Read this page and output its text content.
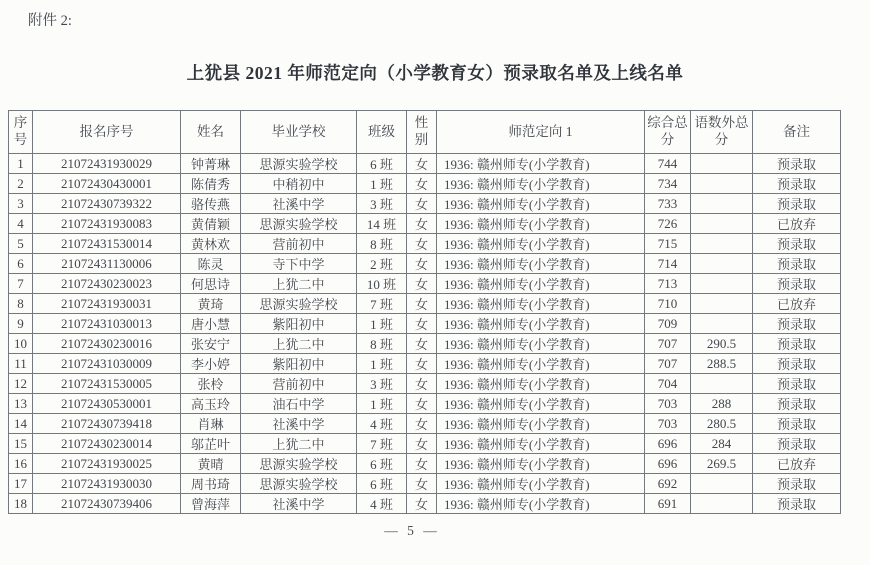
附件 2:
上犹县 2021 年师范定向（小学教育女）预录取名单及上线名单
序号	报名序号	姓名	毕业学校	班级	性别	师范定向 1	综合总分	语数外总分	备注
1	21072431930029	钟菁琳	思源实验学校	6 班	女	1936: 赣州师专(小学教育)	744		预录取
2	21072430430001	陈倩秀	中稍初中	1 班	女	1936: 赣州师专(小学教育)	734		预录取
3	21072430739322	骆传燕	社溪中学	3 班	女	1936: 赣州师专(小学教育)	733		预录取
4	21072431930083	黄倩颖	思源实验学校	14 班	女	1936: 赣州师专(小学教育)	726		已放弃
5	21072431530014	黄林欢	营前初中	8 班	女	1936: 赣州师专(小学教育)	715		预录取
6	21072431130006	陈灵	寺下中学	2 班	女	1936: 赣州师专(小学教育)	714		预录取
7	21072430230023	何思诗	上犹二中	10 班	女	1936: 赣州师专(小学教育)	713		预录取
8	21072431930031	黄琦	思源实验学校	7 班	女	1936: 赣州师专(小学教育)	710		已放弃
9	21072431030013	唐小慧	紫阳初中	1 班	女	1936: 赣州师专(小学教育)	709		预录取
10	21072430230016	张安宁	上犹二中	8 班	女	1936: 赣州师专(小学教育)	707	290.5	预录取
11	21072431030009	李小婷	紫阳初中	1 班	女	1936: 赣州师专(小学教育)	707	288.5	预录取
12	21072431530005	张柃	营前初中	3 班	女	1936: 赣州师专(小学教育)	704		预录取
13	21072430530001	高玉玲	油石中学	1 班	女	1936: 赣州师专(小学教育)	703	288	预录取
14	21072430739418	肖琳	社溪中学	4 班	女	1936: 赣州师专(小学教育)	703	280.5	预录取
15	21072430230014	邬芷叶	上犹二中	7 班	女	1936: 赣州师专(小学教育)	696	284	预录取
16	21072431930025	黄晴	思源实验学校	6 班	女	1936: 赣州师专(小学教育)	696	269.5	已放弃
17	21072431930030	周书琦	思源实验学校	6 班	女	1936: 赣州师专(小学教育)	692		预录取
18	21072430739406	曾海萍	社溪中学	4 班	女	1936: 赣州师专(小学教育)	691		预录取
— 5 —
